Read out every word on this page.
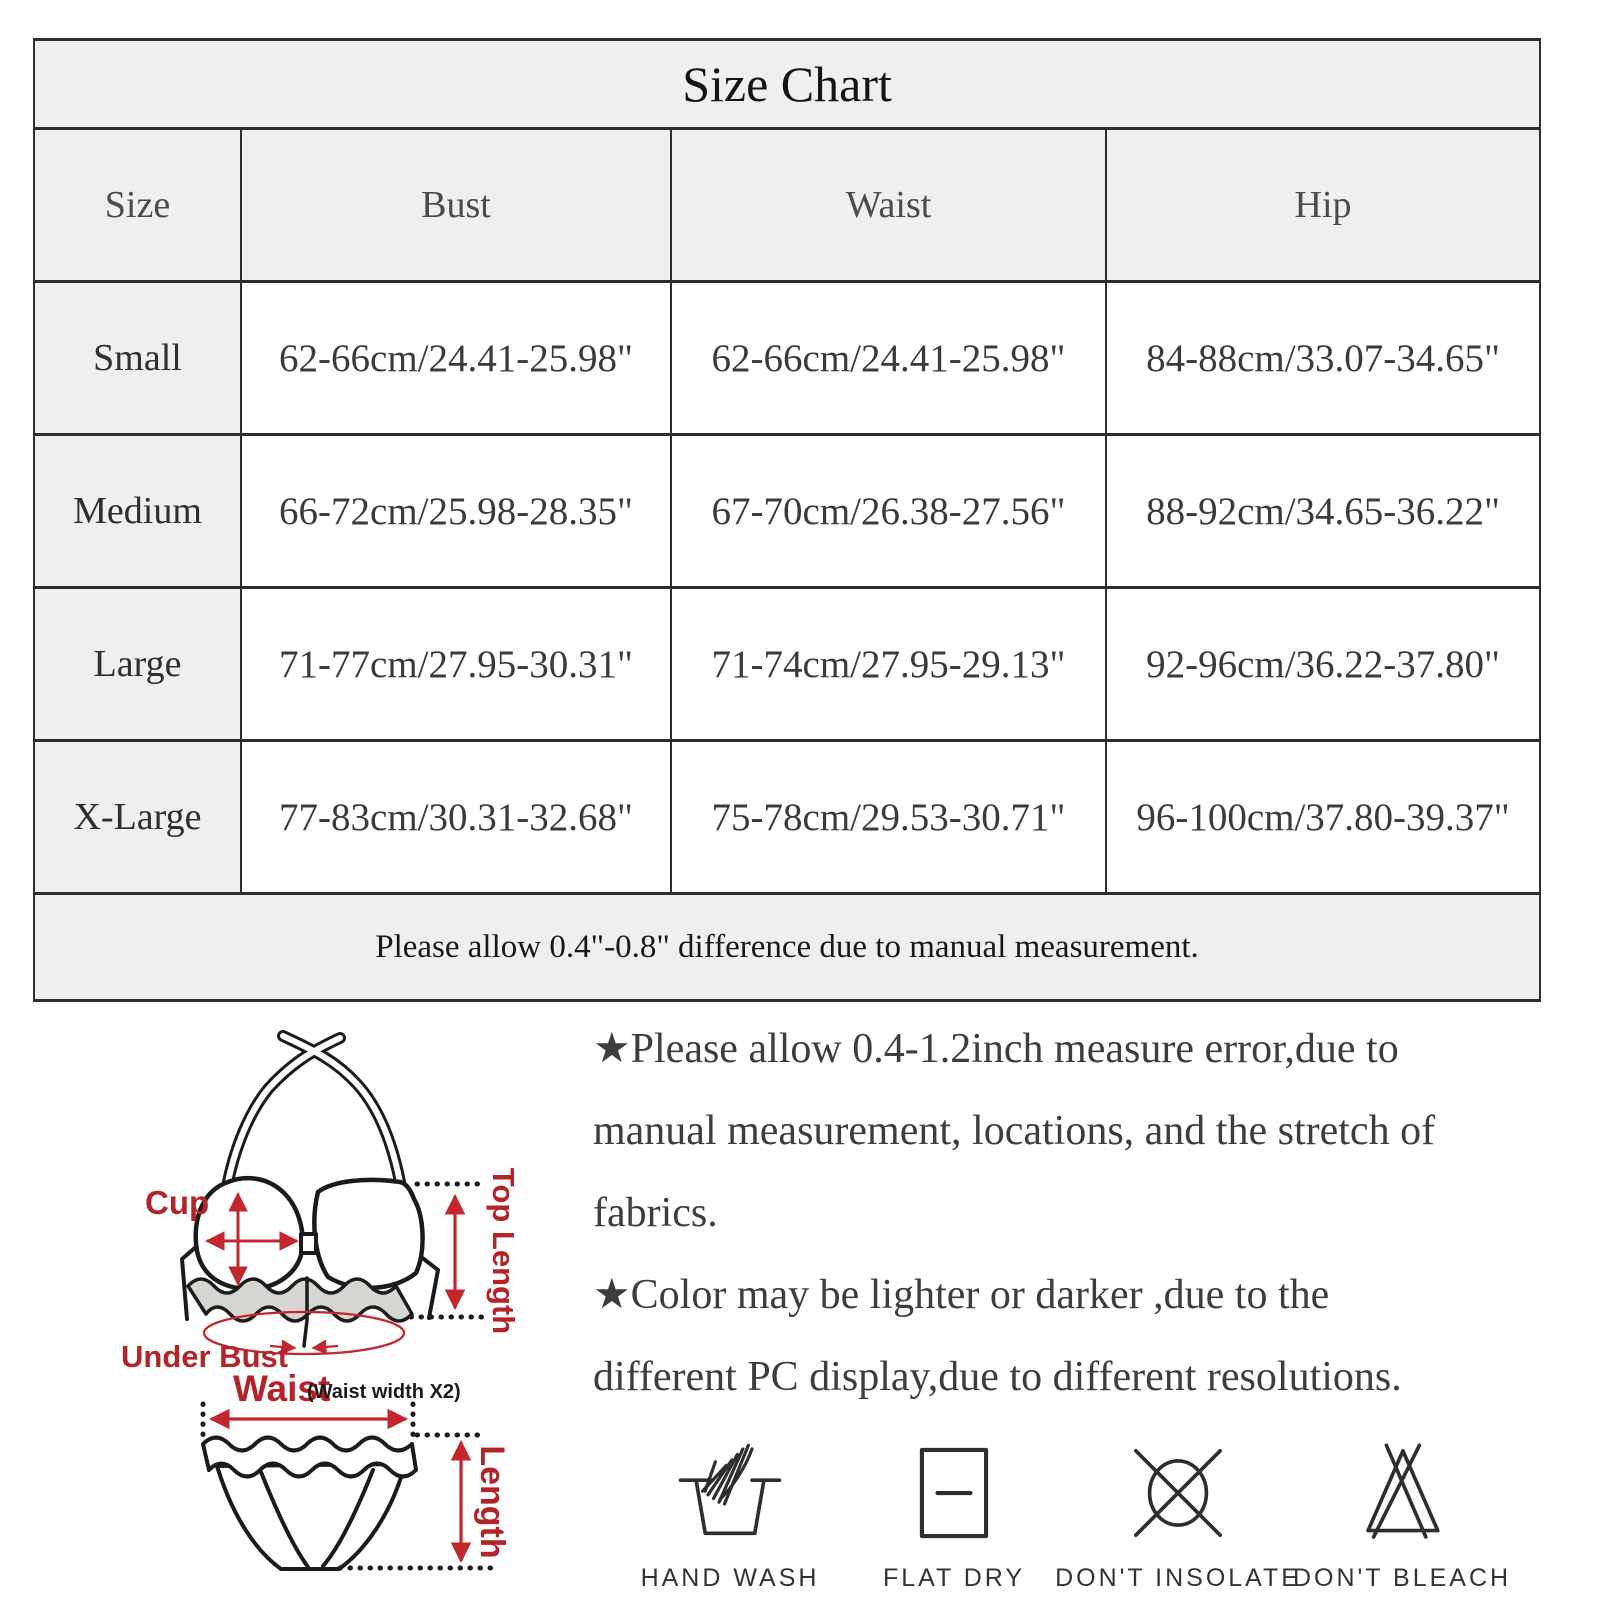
Size Chart			
Size	Bust	Waist	Hip
Small	62-66cm/24.41-25.98"	62-66cm/24.41-25.98"	84-88cm/33.07-34.65"
Medium	66-72cm/25.98-28.35"	67-70cm/26.38-27.56"	88-92cm/34.65-36.22"
Large	71-77cm/27.95-30.31"	71-74cm/27.95-29.13"	92-96cm/36.22-37.80"
X-Large	77-83cm/30.31-32.68"	75-78cm/29.53-30.71"	96-100cm/37.80-39.37"
Please allow 0.4"-0.8" difference due to manual measurement.			
Cup	Top Length
Under Bust
Waist
(Waist width X2)
Length
★Please allow 0.4-1.2inch measure error,due to
manual measurement, locations, and the stretch of
fabrics.
★Color may be lighter or darker ,due to the
different PC display,due to different resolutions.
HAND WASH	FLAT DRY DON'T INSOLATE
DON'T BLEACH
